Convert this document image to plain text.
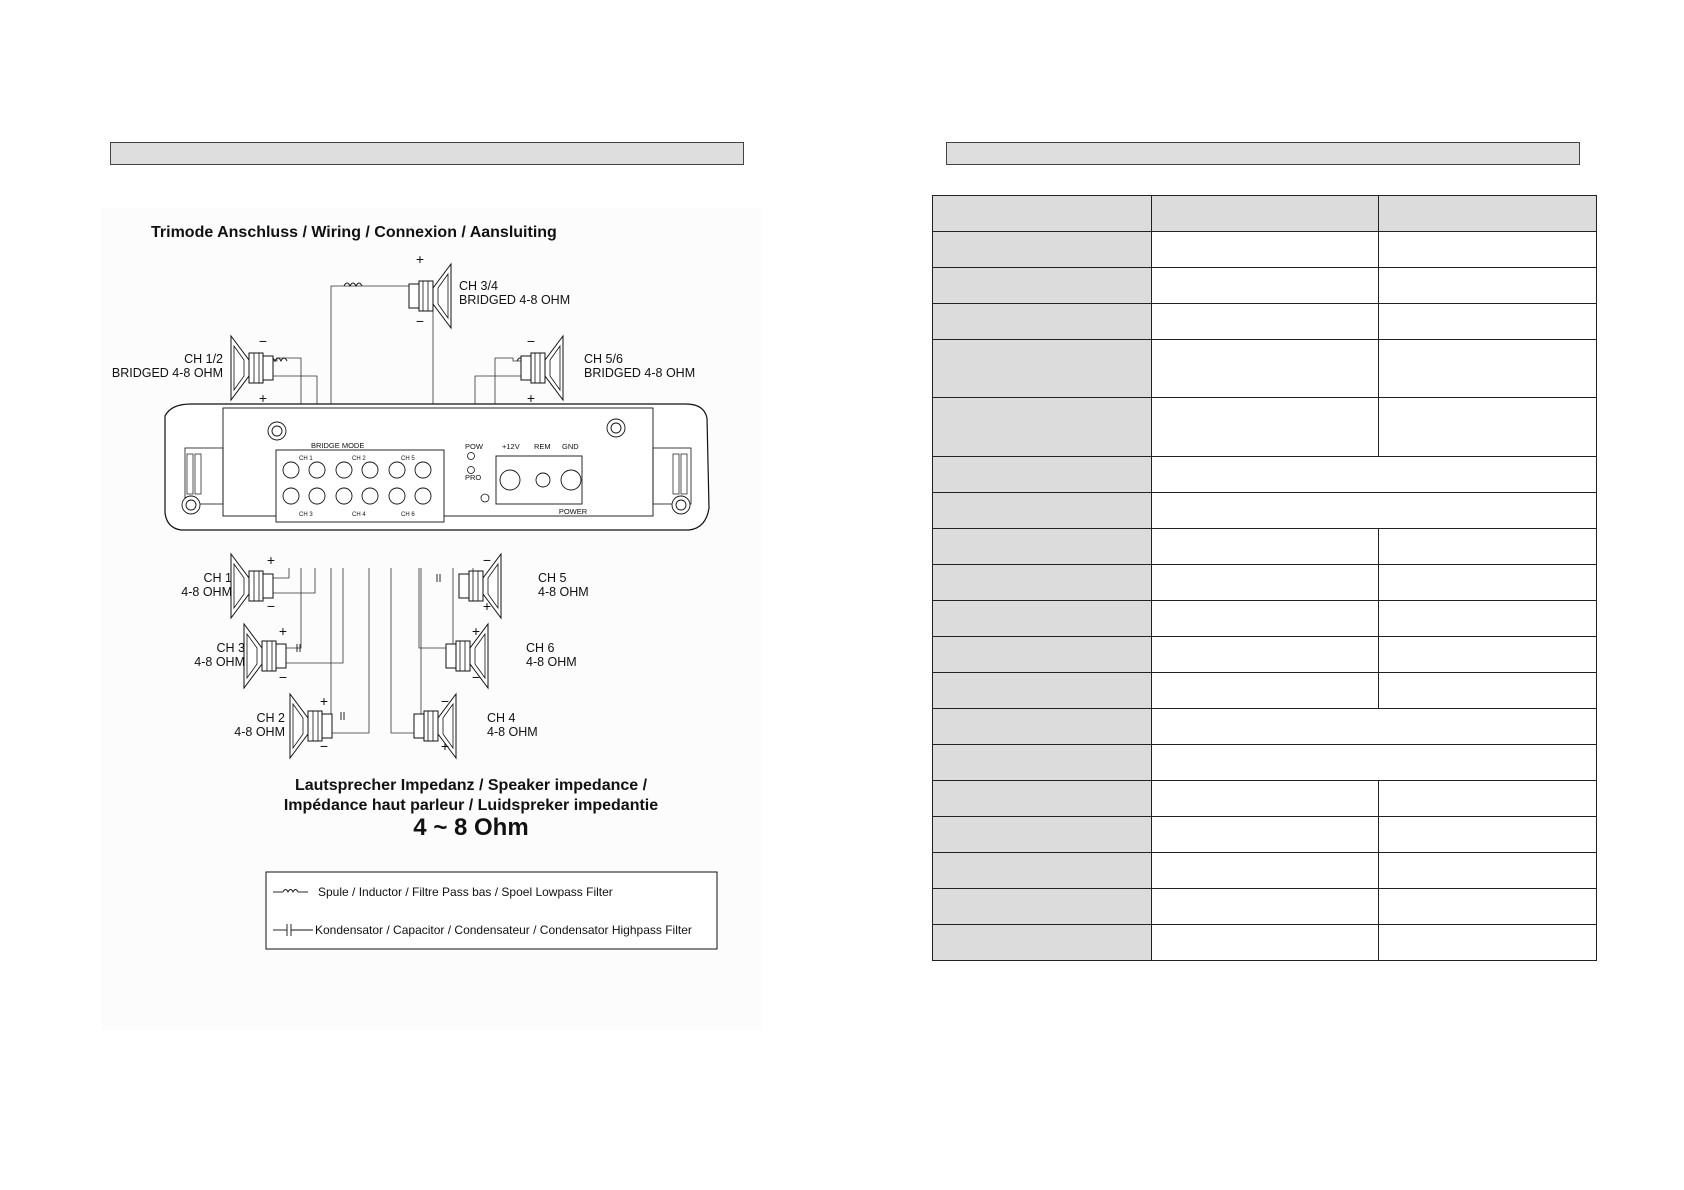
Trimode Anschluss / Wiring / Connexion / Aansluiting
BRIDGE MODE
CH 1	CH 2	CH 5
CH 3	CH 4	CH 6
POW
PRO
+12V REM GND
POWER
+
−
−
+
−
+
+
−
+
−
+
−
−
+
+
−
−
+
CH 3/4
BRIDGED 4-8 OHM
CH 1/2
BRIDGED 4-8 OHM
CH 5/6
BRIDGED 4-8 OHM
CH 1
4-8 OHM
CH 3
4-8 OHM
CH 2
4-8 OHM
CH 5
4-8 OHM
CH 6
4-8 OHM
CH 4
4-8 OHM
Lautsprecher Impedanz / Speaker impedance /
Impédance haut parleur / Luidspreker impedantie
4 ~ 8 Ohm
Spule / Inductor / Filtre Pass bas / Spoel Lowpass Filter
Kondensator / Capacitor / Condensateur / Condensator Highpass Filter
